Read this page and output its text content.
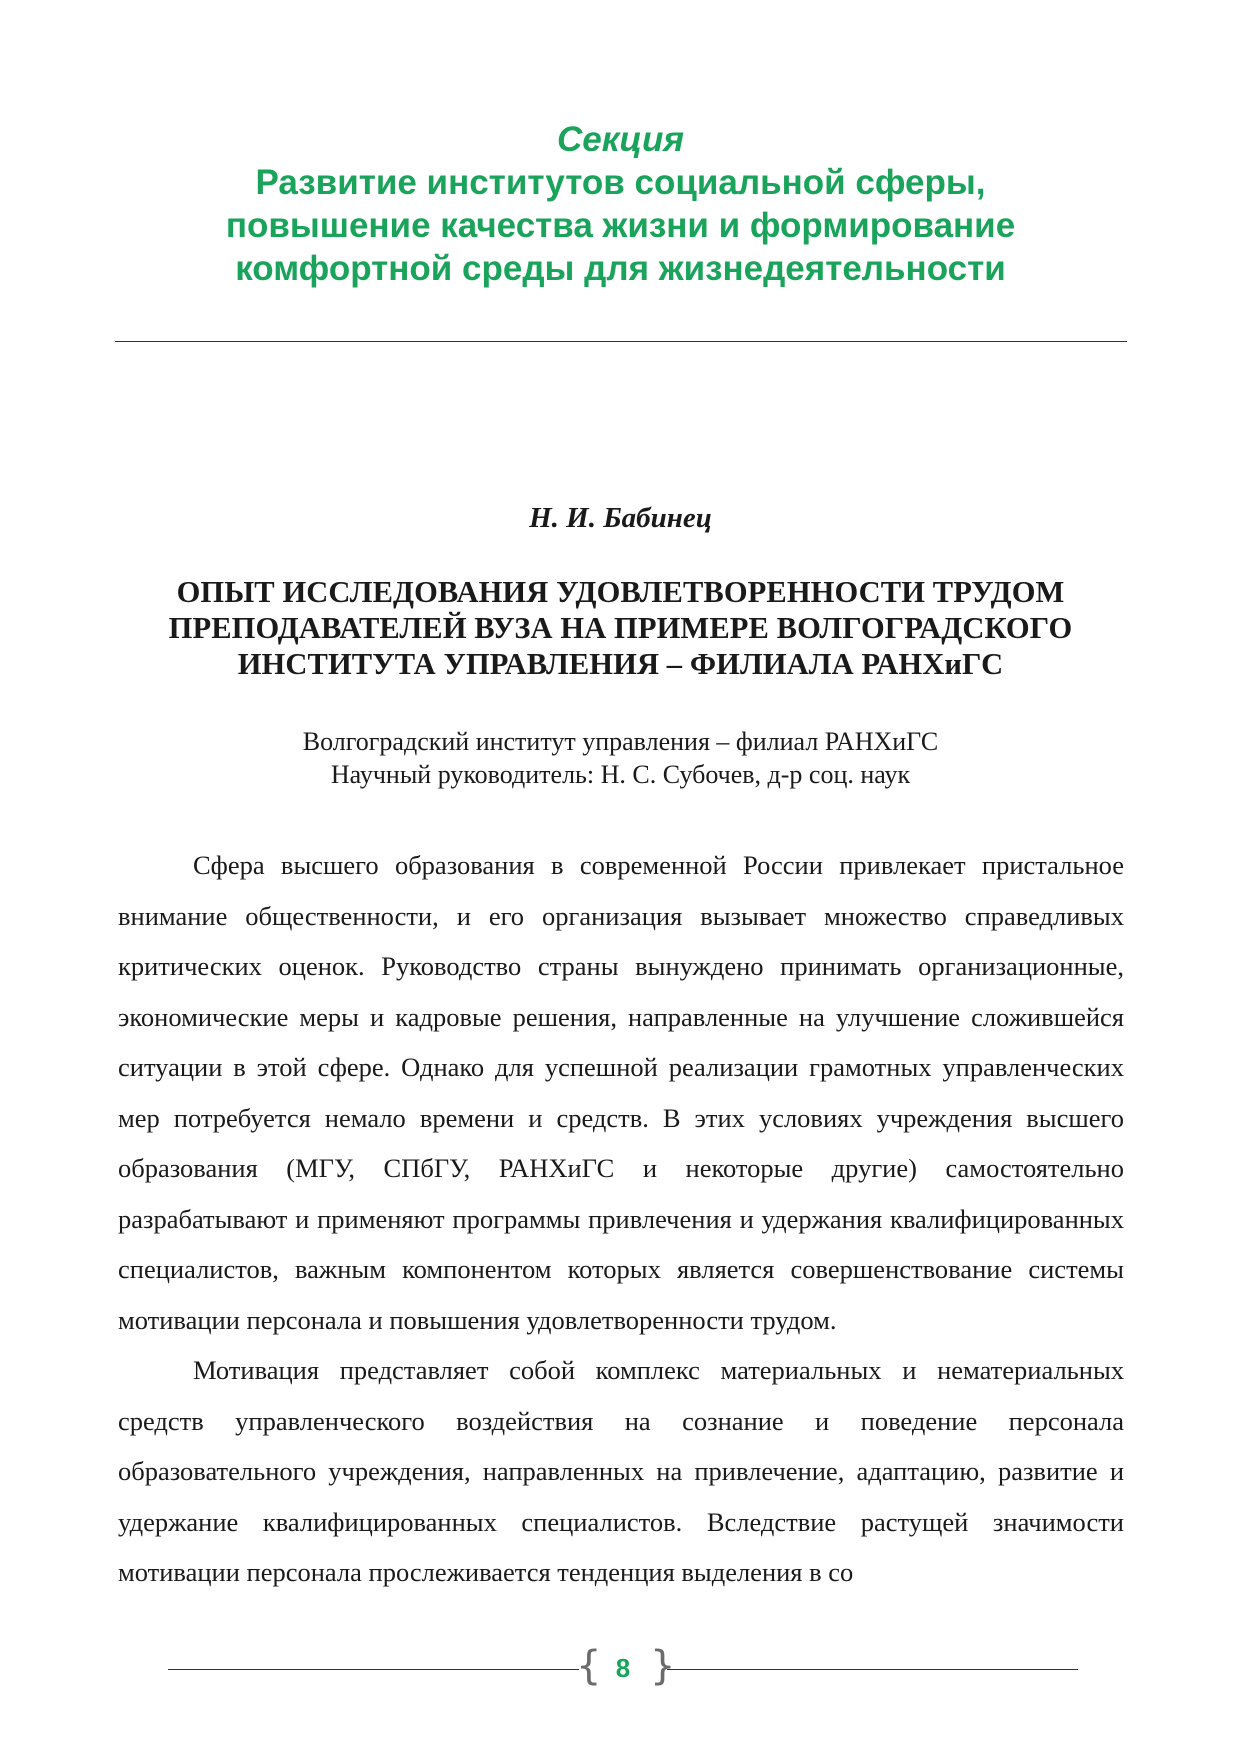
Секция
Развитие институтов социальной сферы,
повышение качества жизни и формирование
комфортной среды для жизнедеятельности
Н. И. Бабинец
ОПЫТ ИССЛЕДОВАНИЯ УДОВЛЕТВОРЕННОСТИ ТРУДОМ
ПРЕПОДАВАТЕЛЕЙ ВУЗА НА ПРИМЕРЕ ВОЛГОГРАДСКОГО
ИНСТИТУТА УПРАВЛЕНИЯ – ФИЛИАЛА РАНХиГС
Волгоградский институт управления – филиал РАНХиГС
Научный руководитель: Н. С. Субочев, д-р соц. наук

Сфера высшего образования в современной России привлекает пристальное внимание общественности, и его организация вызывает множество справедливых критических оценок. Руководство страны вынуждено принимать организационные, экономические меры и кадровые решения, направленные на улучшение сложившейся ситуации в этой сфере. Однако для успешной реализации грамотных управленческих мер потребуется немало времени и средств. В этих условиях учреждения высшего образования (МГУ, СПбГУ, РАНХиГС и некоторые другие) самостоятельно разрабатывают и применяют программы привлечения и удержания квалифицированных специалистов, важным компонентом которых является совершенствование системы мотивации персонала и повышения удовлетворенности трудом.

Мотивация представляет собой комплекс материальных и нематериальных средств управленческого воздействия на сознание и поведение персонала образовательного учреждения, направленных на привлечение, адаптацию, развитие и удержание квалифицированных специалистов. Вследствие растущей значимости мотивации персонала прослеживается тенденция выделения в со

{ 8 }
